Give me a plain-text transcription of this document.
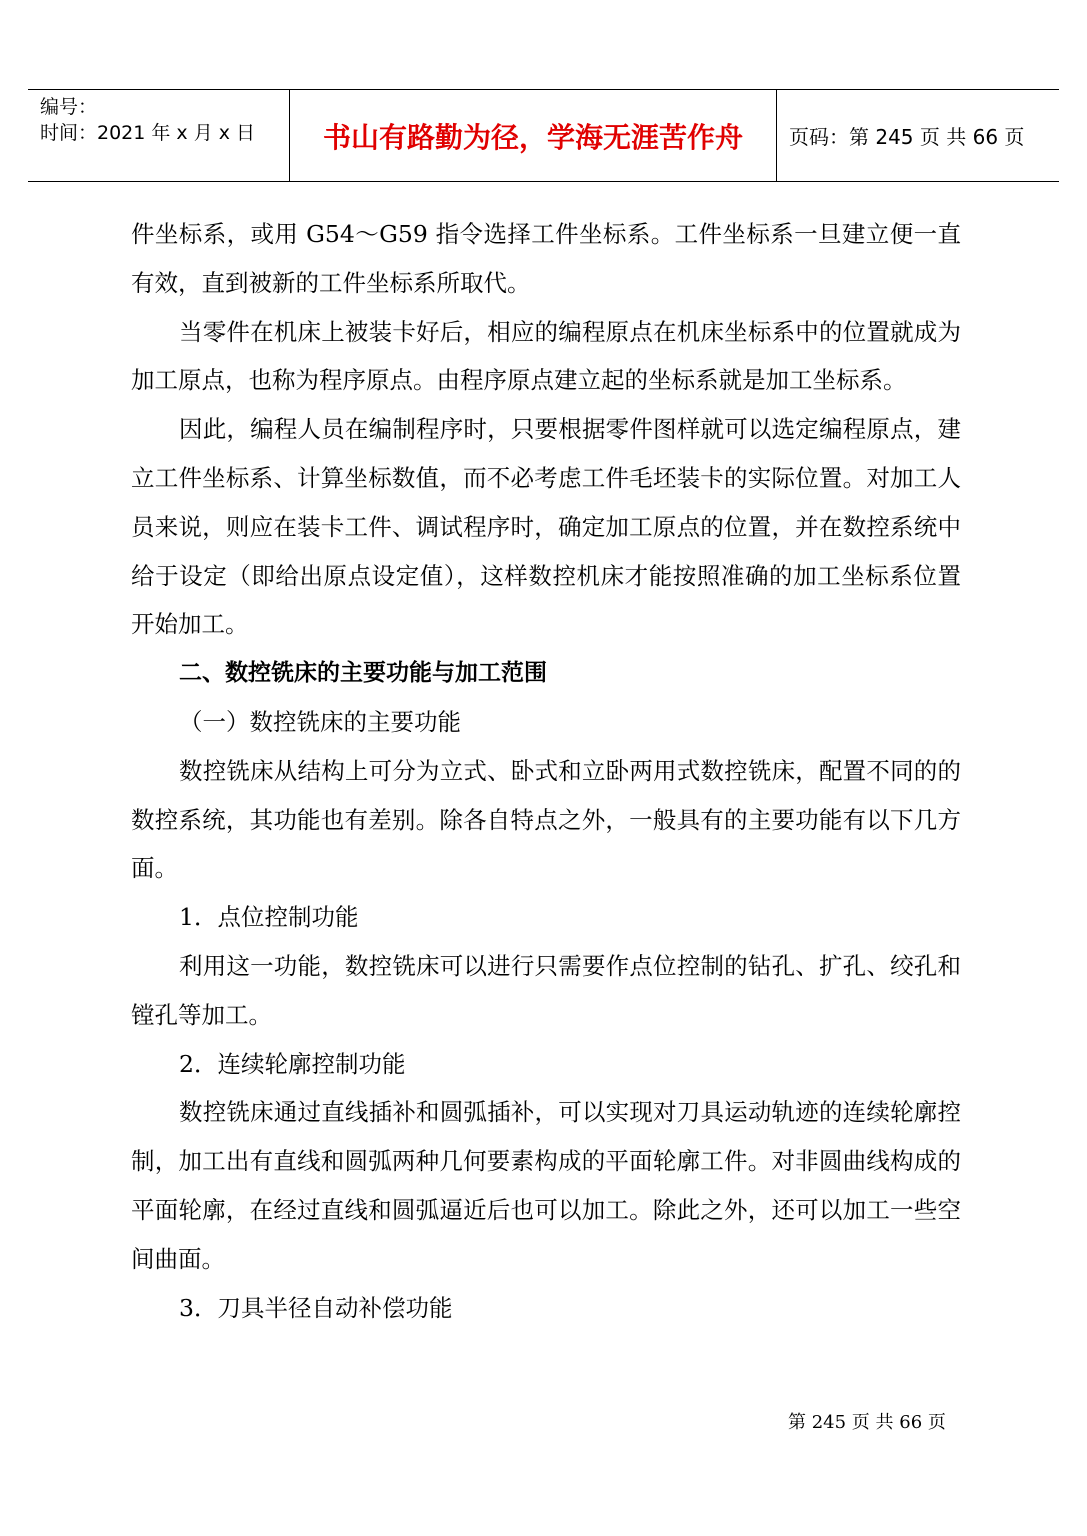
编号：
时间：2021 年 x 月 x 日	书山有路勤为径，学海无涯苦作舟	页码：第 245 页 共 66 页

件坐标系，或用 G54～G59 指令选择工件坐标系。工件坐标系一旦建立便一直有效，直到被新的工件坐标系所取代。

当零件在机床上被装卡好后，相应的编程原点在机床坐标系中的位置就成为加工原点，也称为程序原点。由程序原点建立起的坐标系就是加工坐标系。

因此，编程人员在编制程序时，只要根据零件图样就可以选定编程原点，建立工件坐标系、计算坐标数值，而不必考虑工件毛坯装卡的实际位置。对加工人员来说，则应在装卡工件、调试程序时，确定加工原点的位置，并在数控系统中给于设定（即给出原点设定值），这样数控机床才能按照准确的加工坐标系位置开始加工。

二、数控铣床的主要功能与加工范围

（一）数控铣床的主要功能

数控铣床从结构上可分为立式、卧式和立卧两用式数控铣床，配置不同的的数控系统，其功能也有差别。除各自特点之外，一般具有的主要功能有以下几方面。

1．点位控制功能

利用这一功能，数控铣床可以进行只需要作点位控制的钻孔、扩孔、绞孔和镗孔等加工。

2．连续轮廓控制功能

数控铣床通过直线插补和圆弧插补，可以实现对刀具运动轨迹的连续轮廓控制，加工出有直线和圆弧两种几何要素构成的平面轮廓工件。对非圆曲线构成的平面轮廓，在经过直线和圆弧逼近后也可以加工。除此之外，还可以加工一些空间曲面。

3．刀具半径自动补偿功能

第 245 页 共 66 页
